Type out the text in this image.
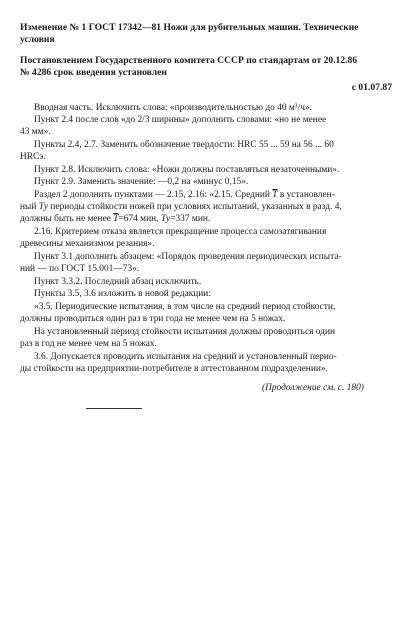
Изменение № 1 ГОСТ 17342—81 Ножи для рубительных машин. Технические
условия
Постановлением Государственного комитета СССР по стандартам от 20.12.86
№ 4286 срок введения установлен
с 01.07.87
Вводная часть. Исключить слова: «производительностью до 40 м³/ч».
Пункт 2.4 после слов «до 2/3 ширины» дополнить словами: «но не менее
43 мм».
Пункты 2.4, 2.7. Заменить обозначение твердости: HRC 55 ... 59 на 56 ... 60
HRCэ.
Пункт 2.8. Исключить слова: «Ножи должны поставляться незаточенными».
Пункт 2.9. Заменить значение: —0,2 на «минус 0,15».
Раздел 2 дополнить пунктами — 2.15, 2.16: «2.15. Средний $\overline{T}$ в установлен-
ный Tу периоды стойкости ножей при условиях испытаний, указанных в разд. 4,
должны быть не менее $\overline{T}=674$ мин, Tу=337 мин.
2.16. Критерием отказа является прекращение процесса самозатягивания
древесины механизмом резания».
Пункт 3.1 дополнить абзацем: «Порядок проведения периодических испыта-
ний — по ГОСТ 15.001—73».
Пункт 3.3.2. Последний абзац исключить.
Пункты 3.5, 3.6 изложить в новой редакции:
«3.5. Периодические испытания, в том числе на средний период стойкости,
должны проводиться один раз в три года не менее чем на 5 ножах.
На установленный период стойкости испытания должны проводиться один
раз в год не менее чем на 5 ножах.
3.6. Допускается проводить испытания на средний и установленный перио-
ды стойкости на предприятии-потребителе в аттестованном подразделении».
(Продолжение см. с. 180)
